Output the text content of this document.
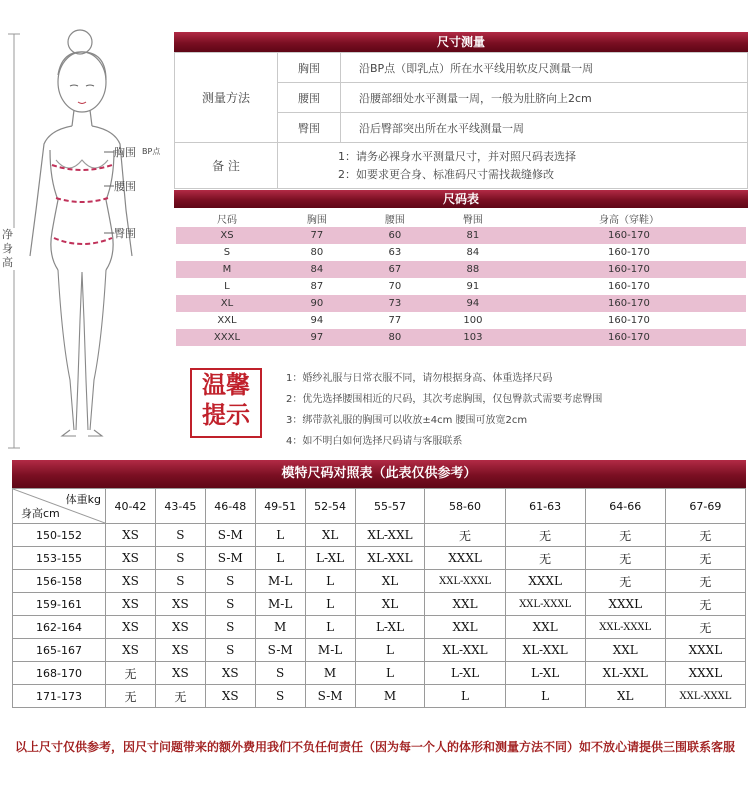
胸围 BP点
腰围
臀围
净身高
尺寸测量
测量方法	胸围	沿BP点（即乳点）所在水平线用软皮尺测量一周
	腰围	沿腰部细处水平测量一周，一般为肚脐向上2cm
	臀围	沿后臀部突出所在水平线测量一周
备 注	1：请务必裸身水平测量尺寸，并对照尺码表选择
2：如要求更合身、标准码尺寸需找裁缝修改	
尺码表
尺码	胸围	腰围	臀围	身高（穿鞋）
XS	77	60	81	160-170
S	80	63	84	160-170
M	84	67	88	160-170
L	87	70	91	160-170
XL	90	73	94	160-170
XXL	94	77	100	160-170
XXXL	97	80	103	160-170
温馨
提示
1：婚纱礼服与日常衣服不同，请勿根据身高、体重选择尺码
2：优先选择腰围相近的尺码，其次考虑胸围，仅包臀款式需要考虑臀围
3：绑带款礼服的胸围可以收放±4cm 腰围可放宽2cm
4：如不明白如何选择尺码请与客服联系
模特尺码对照表（此表仅供参考）
体重kg
身高cm	40-42	43-45	46-48	49-51	52-54	55-57	58-60	61-63	64-66	67-69
150-152	XS	S	S-M	L	XL	XL-XXL	无	无	无	无
153-155	XS	S	S-M	L	L-XL	XL-XXL	XXXL	无	无	无
156-158	XS	S	S	M-L	L	XL	XXL-XXXL	XXXL	无	无
159-161	XS	XS	S	M-L	L	XL	XXL	XXL-XXXL	XXXL	无
162-164	XS	XS	S	M	L	L-XL	XXL	XXL	XXL-XXXL	无
165-167	XS	XS	S	S-M	M-L	L	XL-XXL	XL-XXL	XXL	XXXL
168-170	无	XS	XS	S	M	L	L-XL	L-XL	XL-XXL	XXXL
171-173	无	无	XS	S	S-M	M	L	L	XL	XXL-XXXL
以上尺寸仅供参考，因尺寸问题带来的额外费用我们不负任何责任（因为每一个人的体形和测量方法不同）如不放心请提供三围联系客服
